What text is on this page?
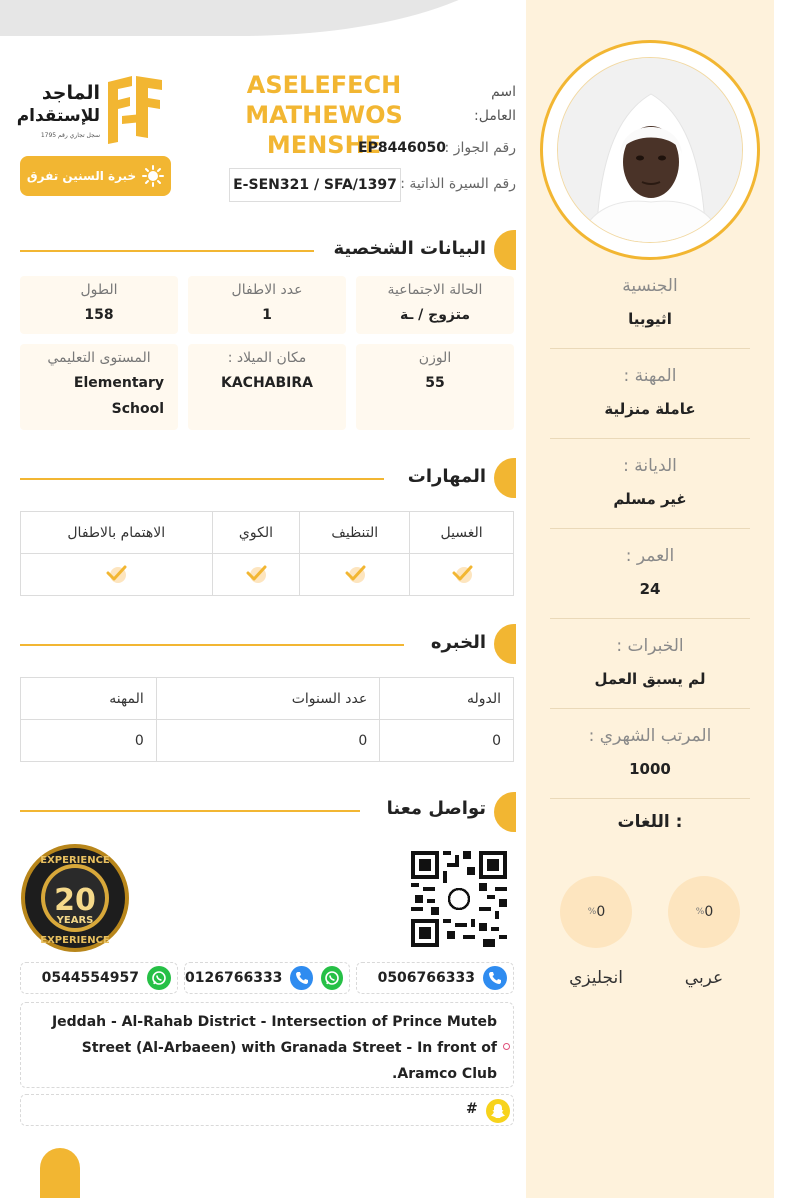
الجنسية
اثيوبيا
المهنة :
عاملة منزلية
الديانة :
غير مسلم
العمر :
24
الخبرات :
لم يسبق العمل
المرتب الشهري :
1000
اللغات :
% 0
عربي
% 0
انجليزي
الماجد
للإستقدام
سجل تجاري رقم 1795
خبرة السنين تفرق
اسم العامل:
ASELEFECH MATHEWOS MENSHE	رقم الجواز :
EP8446050
رقم السيرة الذاتية :
E-SEN321 / SFA/1397
البيانات الشخصية
الحالة الاجتماعية
متزوج / ـة
عدد الاطفال
1
الطول
158
الوزن
55
مكان الميلاد :
KACHABIRA
المستوى التعليمي
Elementary School
المهارات
الاهتمام بالاطفال	الكوي	التنظيف	الغسيل

الخبره
المهنه	عدد السنوات	الدوله
0	0	0
تواصل معنا
EXPERIENCE
20
YEARS
EXPERIENCE
0506766333
0126766333
0544554957
Jeddah - Al-Rahab District - Intersection of Prince Muteb Street (Al-Arbaeen) with Granada Street - In front of Aramco Club.
#
